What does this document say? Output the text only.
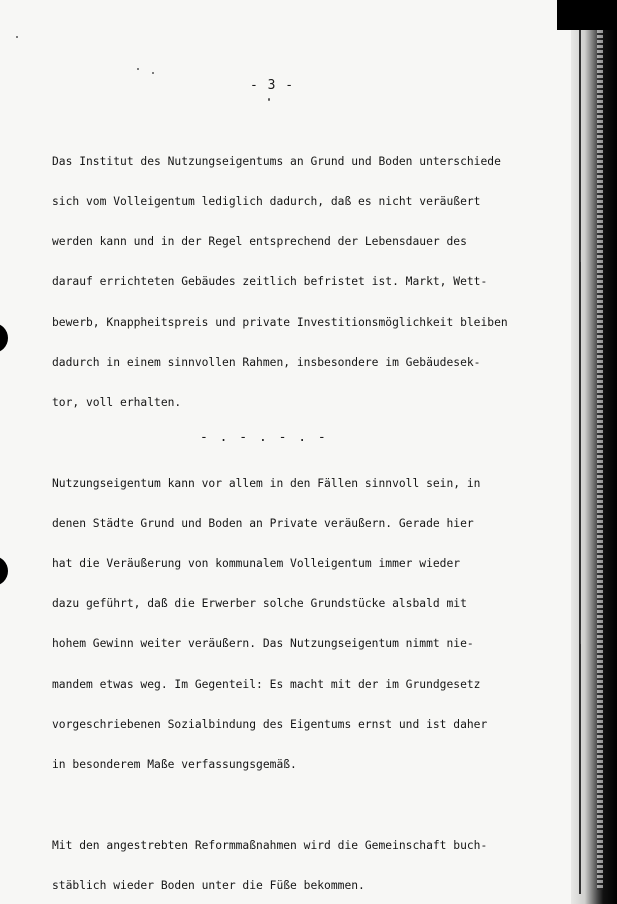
- 3 -

Das Institut des Nutzungseigentums an Grund und Boden unterschiede

sich vom Volleigentum lediglich dadurch, daß es nicht veräußert

werden kann und in der Regel entsprechend der Lebensdauer des

darauf errichteten Gebäudes zeitlich befristet ist. Markt, Wett-

bewerb, Knappheitspreis und private Investitionsmöglichkeit bleiben

dadurch in einem sinnvollen Rahmen, insbesondere im Gebäudesek-

tor, voll erhalten.

Nutzungseigentum kann vor allem in den Fällen sinnvoll sein, in

denen Städte Grund und Boden an Private veräußern. Gerade hier

hat die Veräußerung von kommunalem Volleigentum immer wieder

dazu geführt, daß die Erwerber solche Grundstücke alsbald mit

hohem Gewinn weiter veräußern. Das Nutzungseigentum nimmt nie-

mandem etwas weg. Im Gegenteil: Es macht mit der im Grundgesetz

vorgeschriebenen Sozialbindung des Eigentums ernst und ist daher

in besonderem Maße verfassungsgemäß.

Mit den angestrebten Reformmaßnahmen wird die Gemeinschaft buch-

stäblich wieder Boden unter die Füße bekommen.

- . - . - . -
